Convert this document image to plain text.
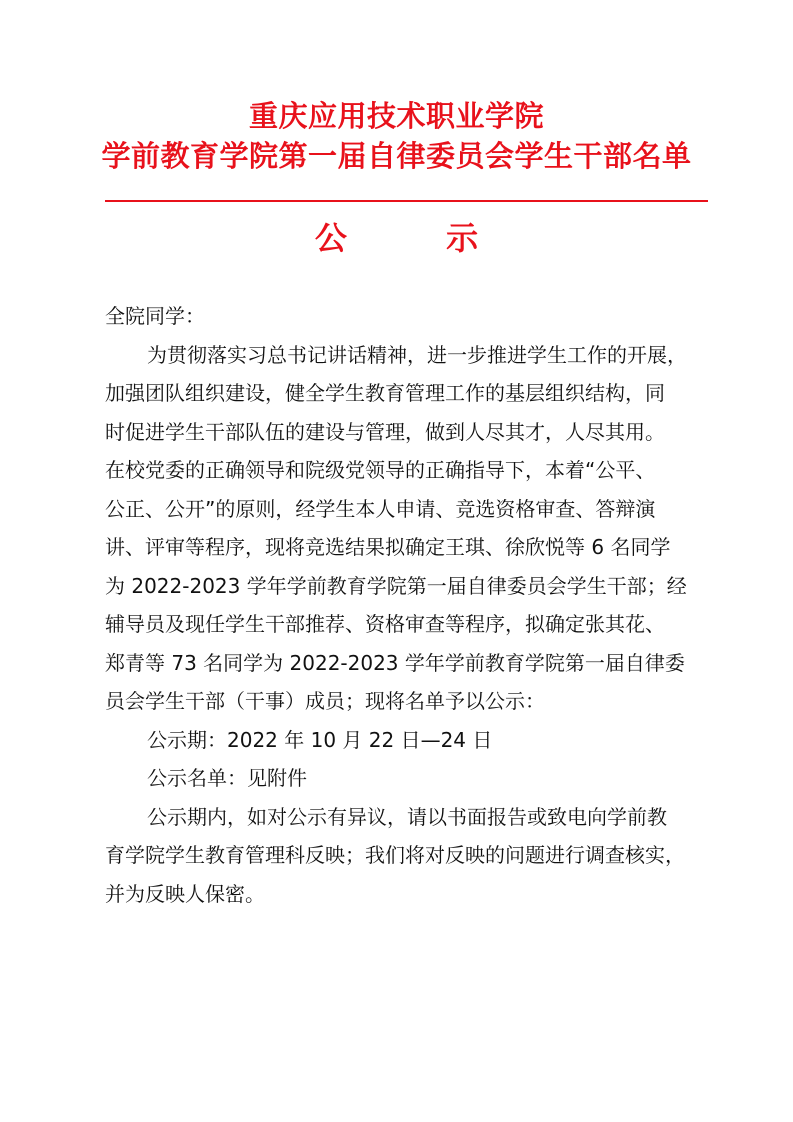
重庆应用技术职业学院
学前教育学院第一届自律委员会学生干部名单
公 示

全院同学：

为贯彻落实习总书记讲话精神，进一步推进学生工作的开展，

加强团队组织建设，健全学生教育管理工作的基层组织结构，同

时促进学生干部队伍的建设与管理，做到人尽其才，人尽其用。

在校党委的正确领导和院级党领导的正确指导下，本着“公平、

公正、公开”的原则，经学生本人申请、竞选资格审查、答辩演

讲、评审等程序，现将竞选结果拟确定王琪、徐欣悦等 6 名同学

为 2022-2023 学年学前教育学院第一届自律委员会学生干部；经

辅导员及现任学生干部推荐、资格审查等程序，拟确定张其花、

郑青等 73 名同学为 2022-2023 学年学前教育学院第一届自律委

员会学生干部（干事）成员；现将名单予以公示：

公示期：2022 年 10 月 22 日—24 日

公示名单：见附件

公示期内，如对公示有异议，请以书面报告或致电向学前教

育学院学生教育管理科反映；我们将对反映的问题进行调查核实，

并为反映人保密。
